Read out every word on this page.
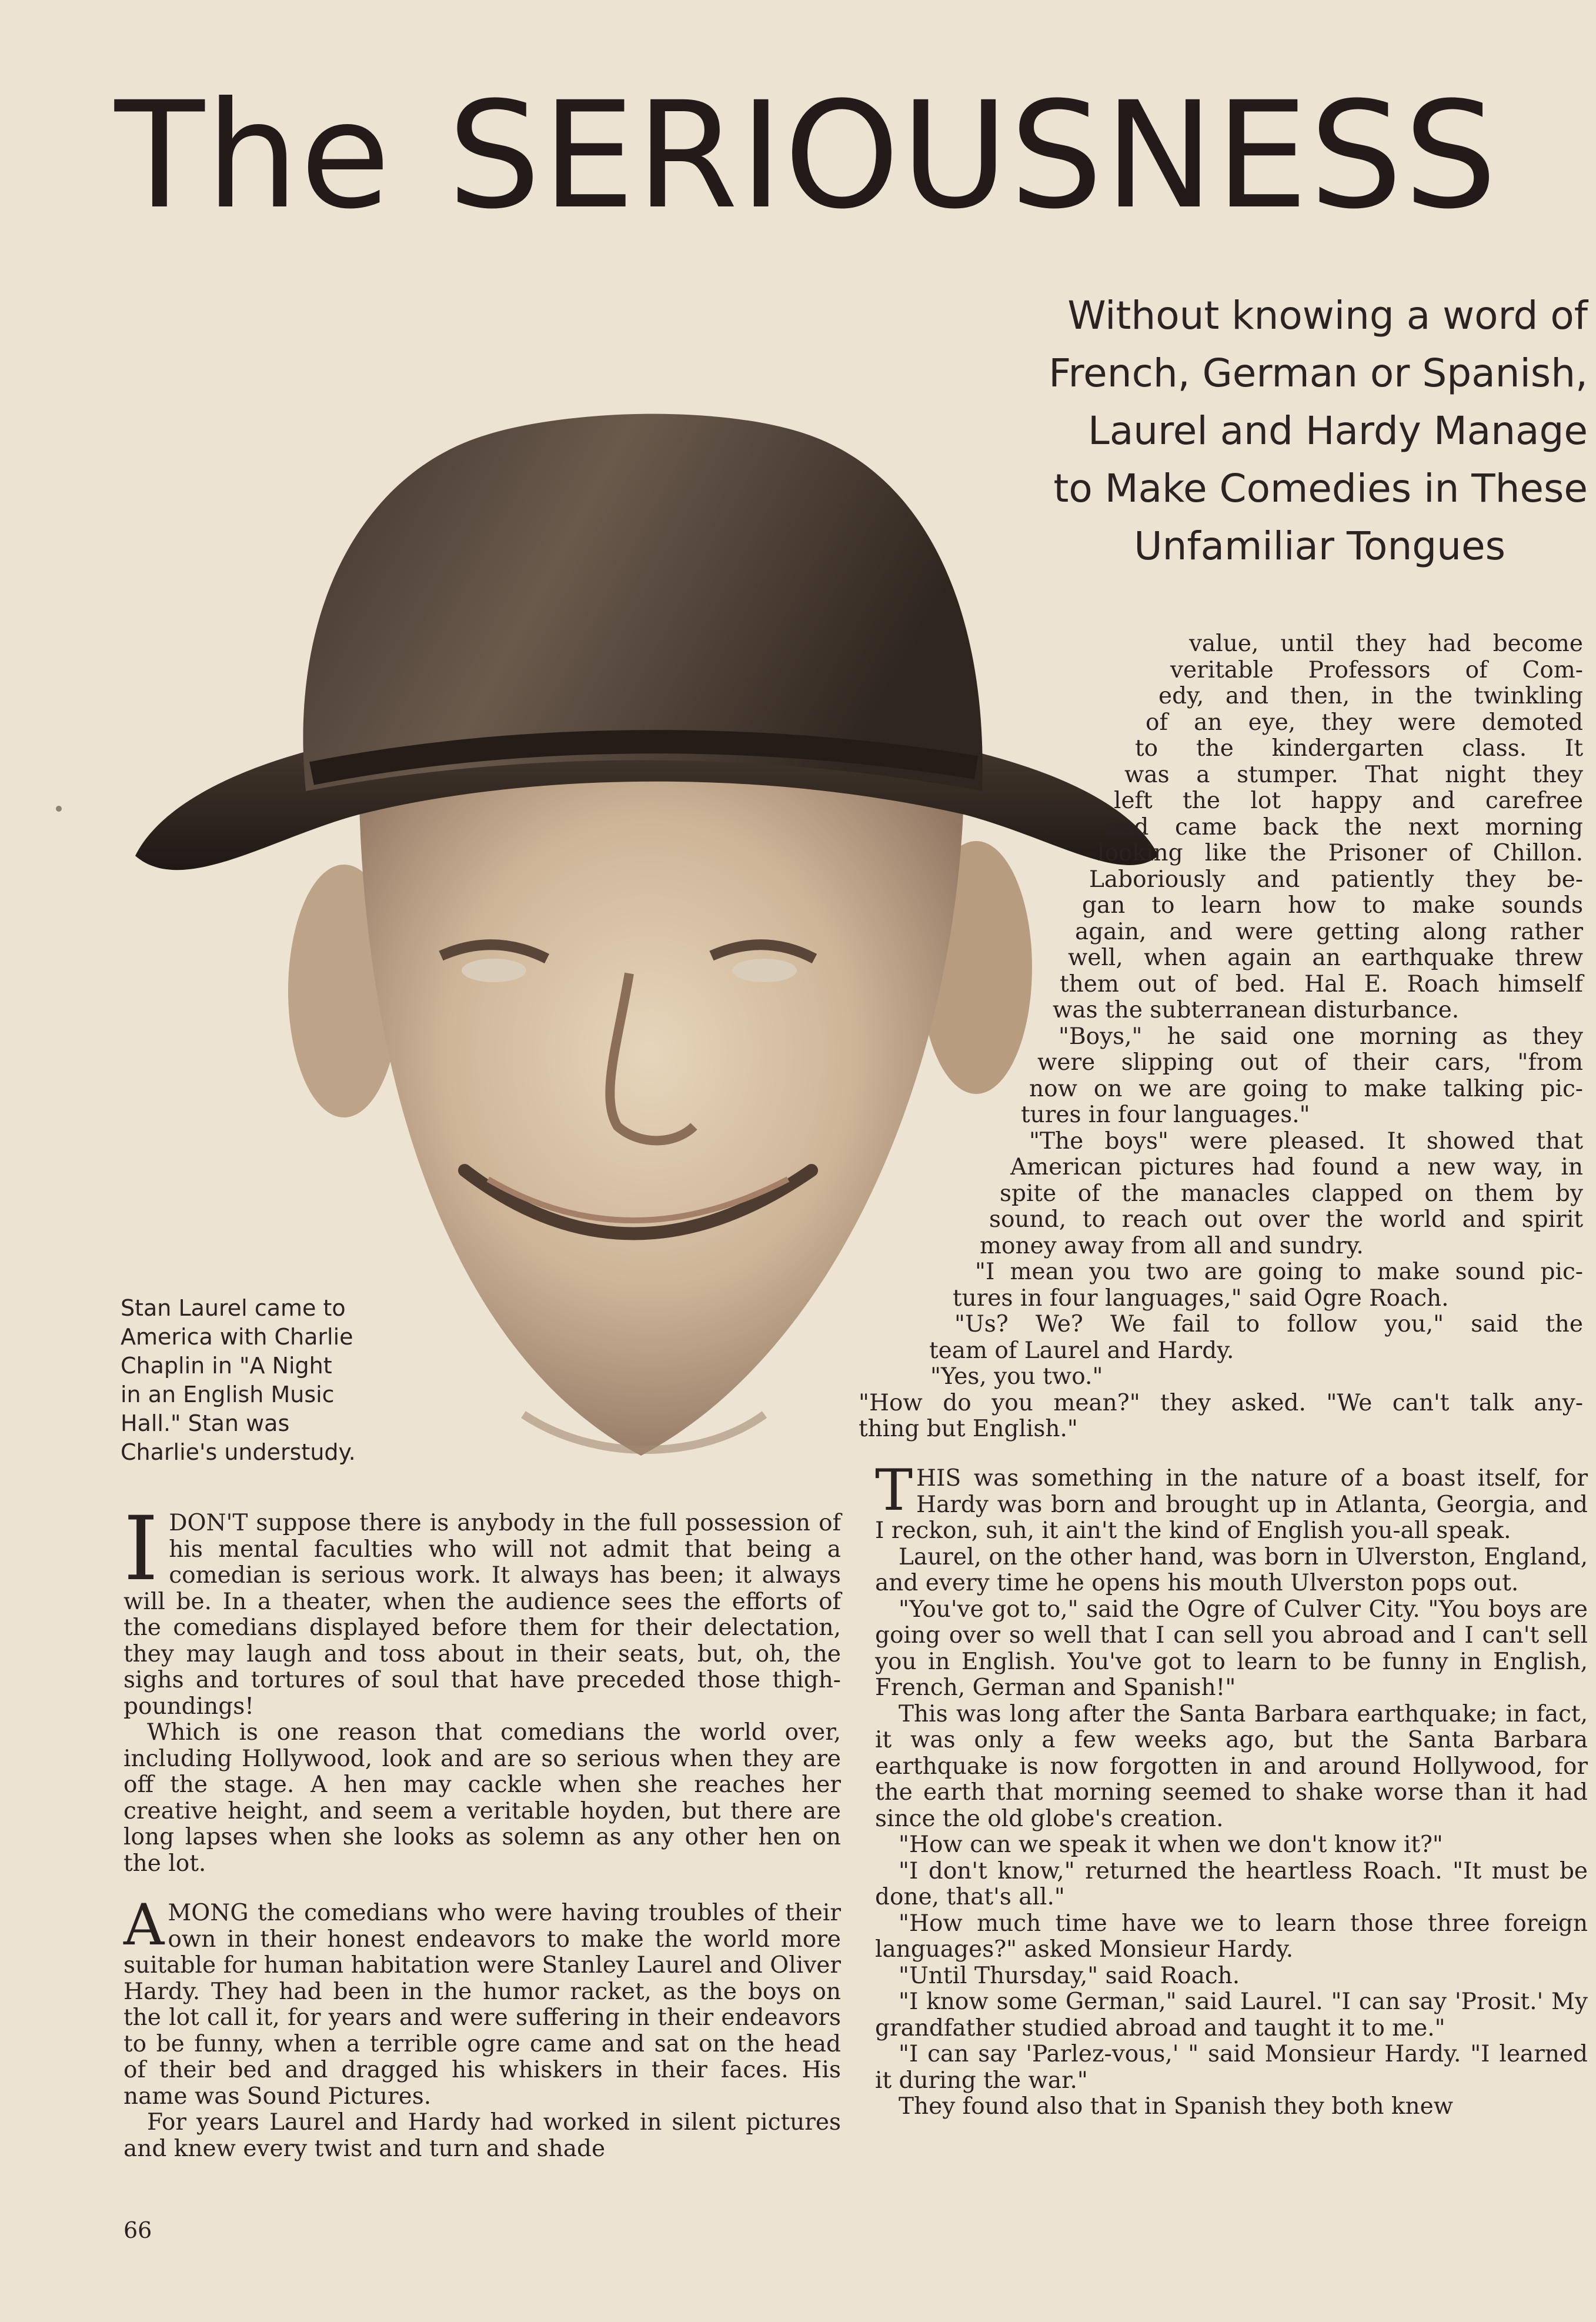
The SERIOUSNESS
Without knowing a word of
French, German or Spanish,
Laurel and Hardy Manage
to Make Comedies in These
Unfamiliar Tongues
Stan Laurel came to
America with Charlie
Chaplin in "A Night
in an English Music
Hall." Stan was
Charlie's understudy.
value, until they had become
veritable Professors of Com-
edy, and then, in the twinkling
of an eye, they were demoted
to the kindergarten class. It
was a stumper. That night they
left the lot happy and carefree
and came back the next morning
looking like the Prisoner of Chillon.
Laboriously and patiently they be-
gan to learn how to make sounds
again, and were getting along rather
well, when again an earthquake threw
them out of bed. Hal E. Roach himself
was the subterranean disturbance.
"Boys," he said one morning as they
were slipping out of their cars, "from
now on we are going to make talking pic-
tures in four languages."
"The boys" were pleased. It showed that
American pictures had found a new way, in
spite of the manacles clapped on them by
sound, to reach out over the world and spirit
money away from all and sundry.
"I mean you two are going to make sound pic-
tures in four languages," said Ogre Roach.
"Us? We? We fail to follow you," said the
team of Laurel and Hardy.
"Yes, you two."
"How do you mean?" they asked. "We can't talk any-
thing but English."

IDON'T suppose there is anybody in the full possession of his mental faculties who will not admit that being a comedian is serious work. It always has been; it always will be. In a theater, when the audience sees the efforts of the comedians displayed before them for their delectation, they may laugh and toss about in their seats, but, oh, the sighs and tortures of soul that have preceded those thigh-poundings!

Which is one reason that comedians the world over, including Hollywood, look and are so serious when they are off the stage. A hen may cackle when she reaches her creative height, and seem a veritable hoyden, but there are long lapses when she looks as solemn as any other hen on the lot.

AMONG the comedians who were having troubles of their own in their honest endeavors to make the world more suitable for human habitation were Stanley Laurel and Oliver Hardy. They had been in the humor racket, as the boys on the lot call it, for years and were suffering in their endeavors to be funny, when a terrible ogre came and sat on the head of their bed and dragged his whiskers in their faces. His name was Sound Pictures.

For years Laurel and Hardy had worked in silent pictures and knew every twist and turn and shade

THIS was something in the nature of a boast itself, for Hardy was born and brought up in Atlanta, Georgia, and I reckon, suh, it ain't the kind of English you-all speak.

Laurel, on the other hand, was born in Ulverston, England, and every time he opens his mouth Ulverston pops out.

"You've got to," said the Ogre of Culver City. "You boys are going over so well that I can sell you abroad and I can't sell you in English. You've got to learn to be funny in English, French, German and Spanish!"

This was long after the Santa Barbara earthquake; in fact, it was only a few weeks ago, but the Santa Barbara earthquake is now forgotten in and around Hollywood, for the earth that morning seemed to shake worse than it had since the old globe's creation.

"How can we speak it when we don't know it?"

"I don't know," returned the heartless Roach. "It must be done, that's all."

"How much time have we to learn those three foreign languages?" asked Monsieur Hardy.

"Until Thursday," said Roach.

"I know some German," said Laurel. "I can say 'Prosit.' My grandfather studied abroad and taught it to me."

"I can say 'Parlez-vous,' " said Monsieur Hardy. "I learned it during the war."

They found also that in Spanish they both knew

66
